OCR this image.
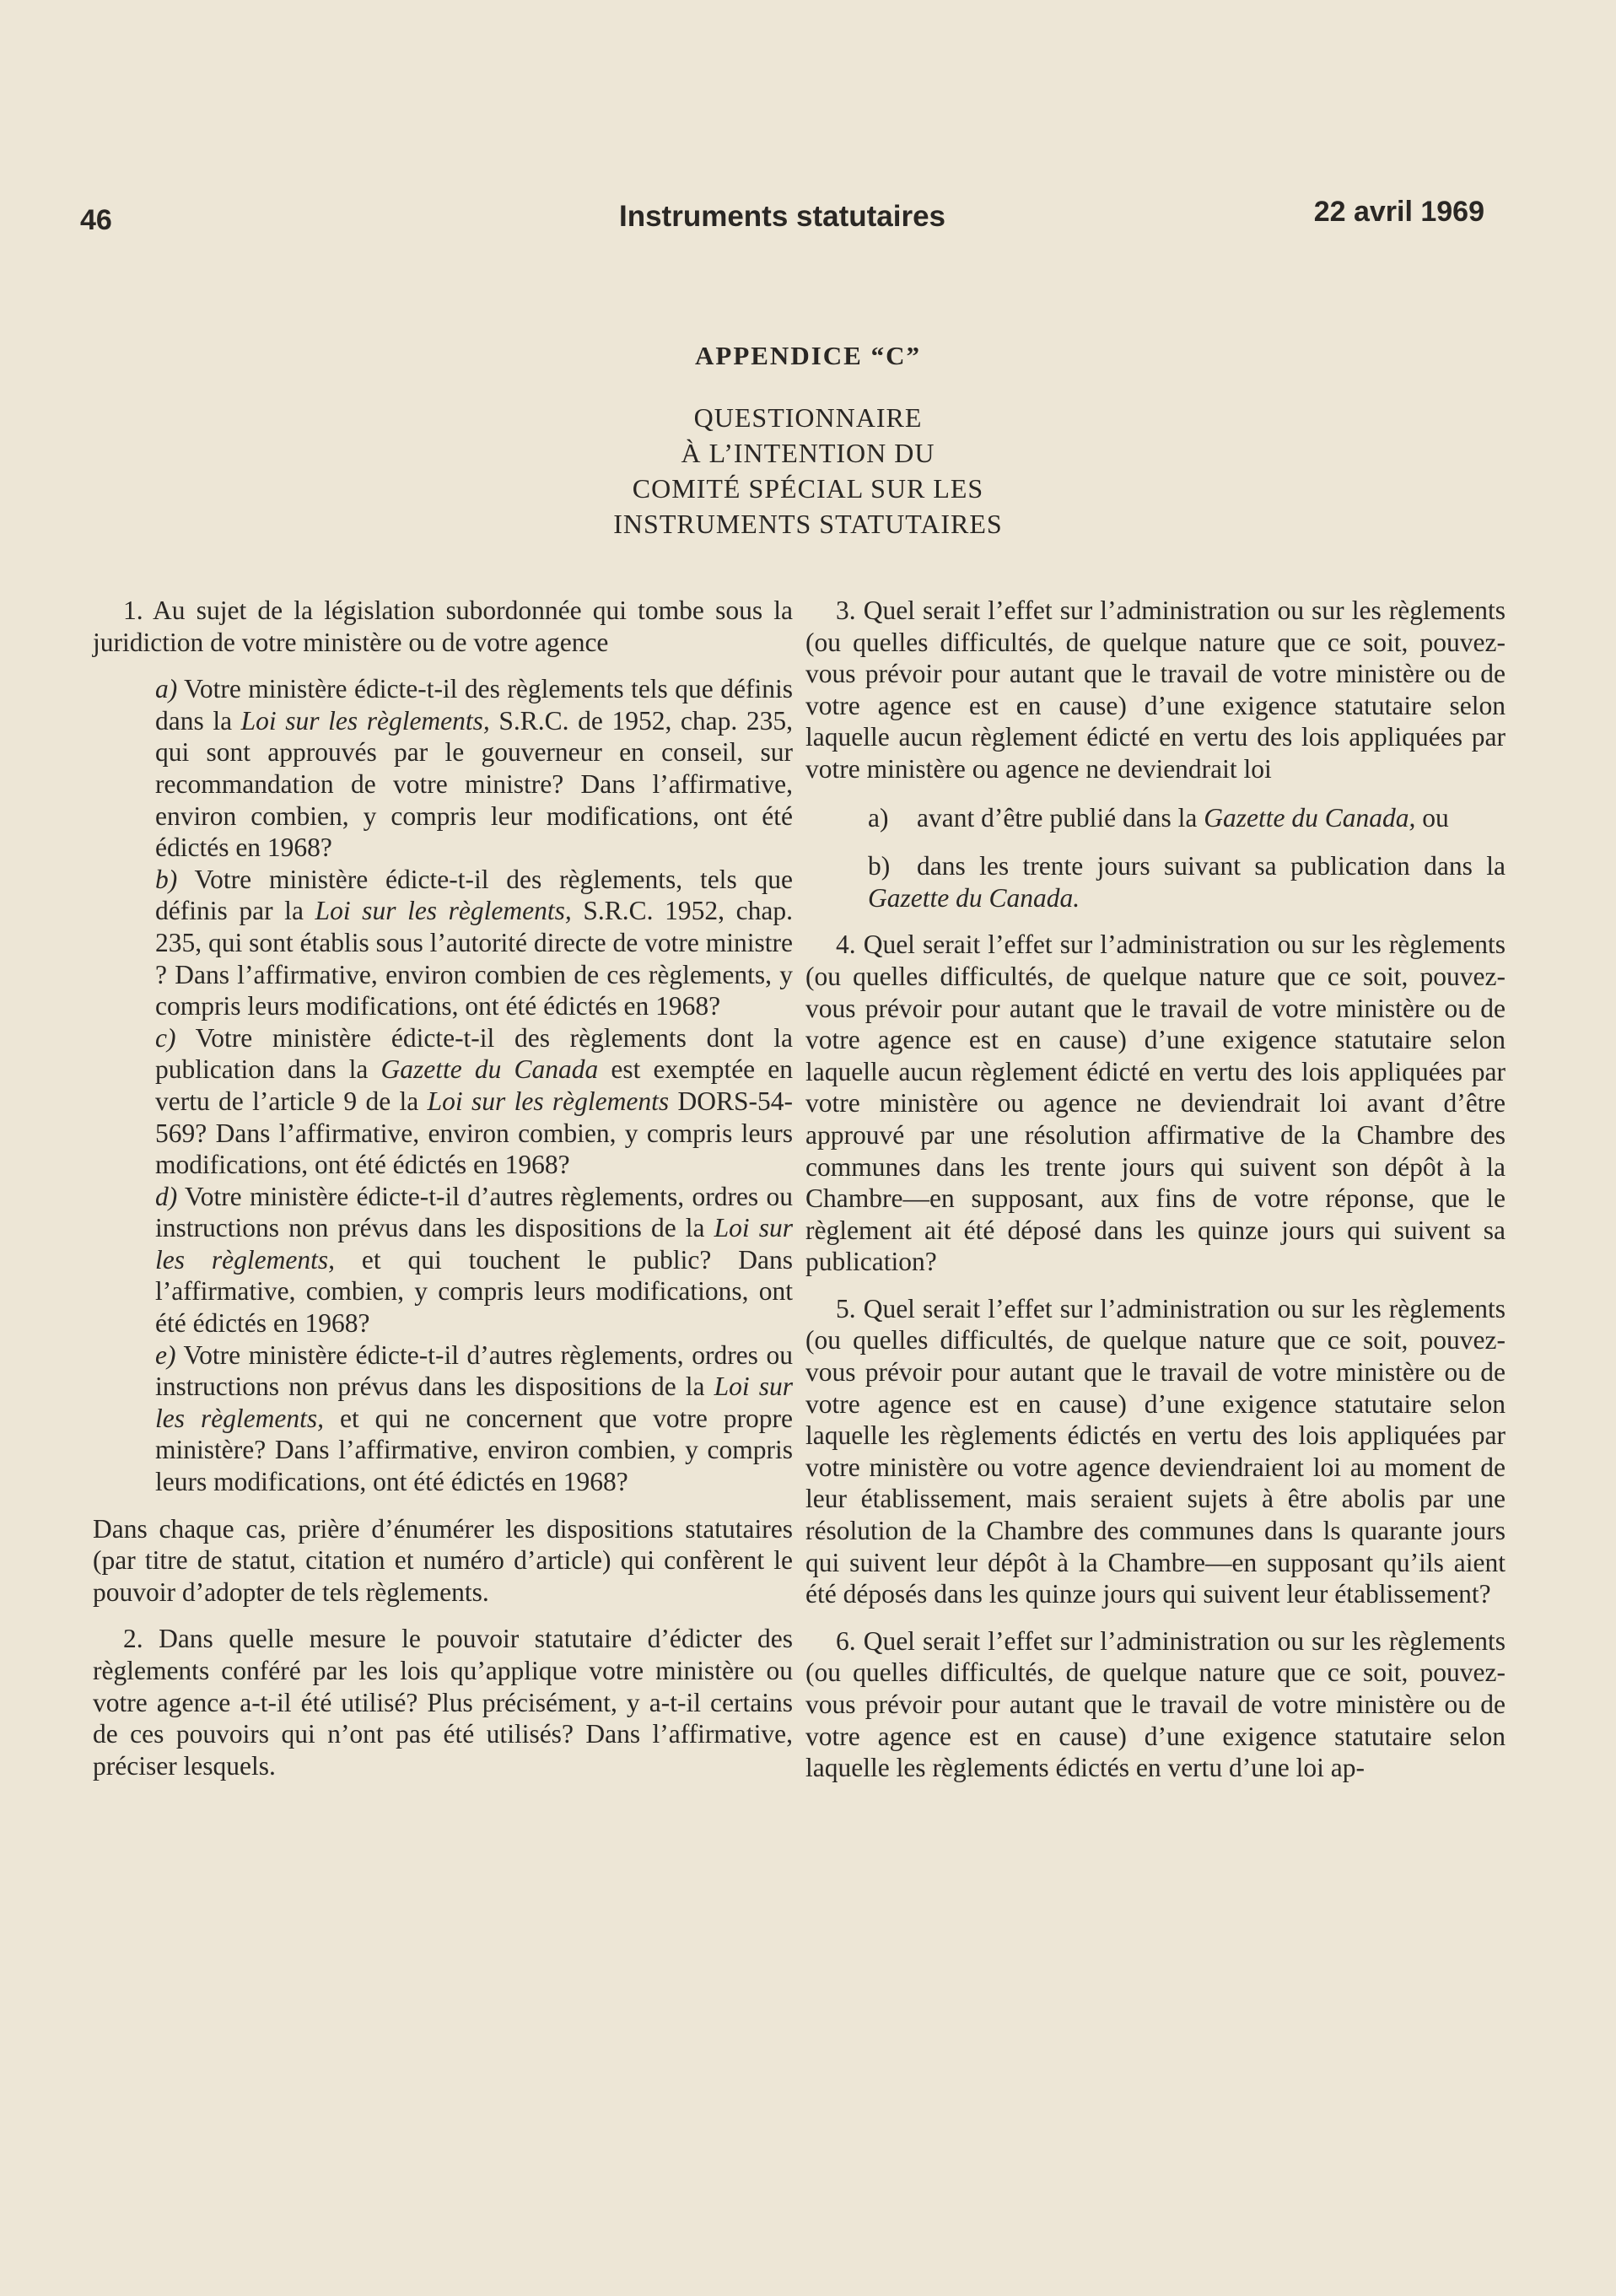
46	Instruments statutaires	22 avril 1969
APPENDICE “C”
QUESTIONNAIRE
À L’INTENTION DU
COMITÉ SPÉCIAL SUR LES
INSTRUMENTS STATUTAIRES

1. Au sujet de la législation subordonnée qui tombe sous la juridiction de votre ministère ou de votre agence

a) Votre ministère édicte-t-il des règlements tels que définis dans la Loi sur les règlements, S.R.C. de 1952, chap. 235, qui sont approuvés par le gouverneur en conseil, sur recommandation de votre ministre? Dans l’affirmative, environ combien, y compris leur modifications, ont été édictés en 1968?

b) Votre ministère édicte-t-il des règlements, tels que définis par la Loi sur les règlements, S.R.C. 1952, chap. 235, qui sont établis sous l’autorité directe de votre ministre ? Dans l’affirmative, environ combien de ces règlements, y compris leurs modifications, ont été édictés en 1968?

c) Votre ministère édicte-t-il des règlements dont la publication dans la Gazette du Canada est exemptée en vertu de l’article 9 de la Loi sur les règlements DORS-54-569? Dans l’affirmative, environ combien, y compris leurs modifications, ont été édictés en 1968?

d) Votre ministère édicte-t-il d’autres règlements, ordres ou instructions non prévus dans les dispositions de la Loi sur les règlements, et qui touchent le public? Dans l’affirmative, combien, y compris leurs modifications, ont été édictés en 1968?

e) Votre ministère édicte-t-il d’autres règlements, ordres ou instructions non prévus dans les dispositions de la Loi sur les règlements, et qui ne concernent que votre propre ministère? Dans l’affirmative, environ combien, y compris leurs modifications, ont été édictés en 1968?

Dans chaque cas, prière d’énumérer les dispositions statutaires (par titre de statut, citation et numéro d’article) qui confèrent le pouvoir d’adopter de tels règlements.

2. Dans quelle mesure le pouvoir statutaire d’édicter des règlements conféré par les lois qu’applique votre ministère ou votre agence a-t-il été utilisé? Plus précisément, y a-t-il certains de ces pouvoirs qui n’ont pas été utilisés? Dans l’affirmative, préciser lesquels.

3. Quel serait l’effet sur l’administration ou sur les règlements (ou quelles difficultés, de quelque nature que ce soit, pouvez-vous prévoir pour autant que le travail de votre ministère ou de votre agence est en cause) d’une exigence statutaire selon laquelle aucun règlement édicté en vertu des lois appliquées par votre ministère ou agence ne deviendrait loi

a) avant d’être publié dans la Gazette du Canada, ou

b) dans les trente jours suivant sa publication dans la Gazette du Canada.

4. Quel serait l’effet sur l’administration ou sur les règlements (ou quelles difficultés, de quelque nature que ce soit, pouvez-vous prévoir pour autant que le travail de votre ministère ou de votre agence est en cause) d’une exigence statutaire selon laquelle aucun règlement édicté en vertu des lois appliquées par votre ministère ou agence ne deviendrait loi avant d’être approuvé par une résolution affirmative de la Chambre des communes dans les trente jours qui suivent son dépôt à la Chambre—en supposant, aux fins de votre réponse, que le règlement ait été déposé dans les quinze jours qui suivent sa publication?

5. Quel serait l’effet sur l’administration ou sur les règlements (ou quelles difficultés, de quelque nature que ce soit, pouvez-vous prévoir pour autant que le travail de votre ministère ou de votre agence est en cause) d’une exigence statutaire selon laquelle les règlements édictés en vertu des lois appliquées par votre ministère ou votre agence deviendraient loi au moment de leur établissement, mais seraient sujets à être abolis par une résolution de la Chambre des communes dans ls quarante jours qui suivent leur dépôt à la Chambre—en supposant qu’ils aient été déposés dans les quinze jours qui suivent leur établissement?

6. Quel serait l’effet sur l’administration ou sur les règlements (ou quelles difficultés, de quelque nature que ce soit, pouvez-vous prévoir pour autant que le travail de votre ministère ou de votre agence est en cause) d’une exigence statutaire selon laquelle les règlements édictés en vertu d’une loi ap-
